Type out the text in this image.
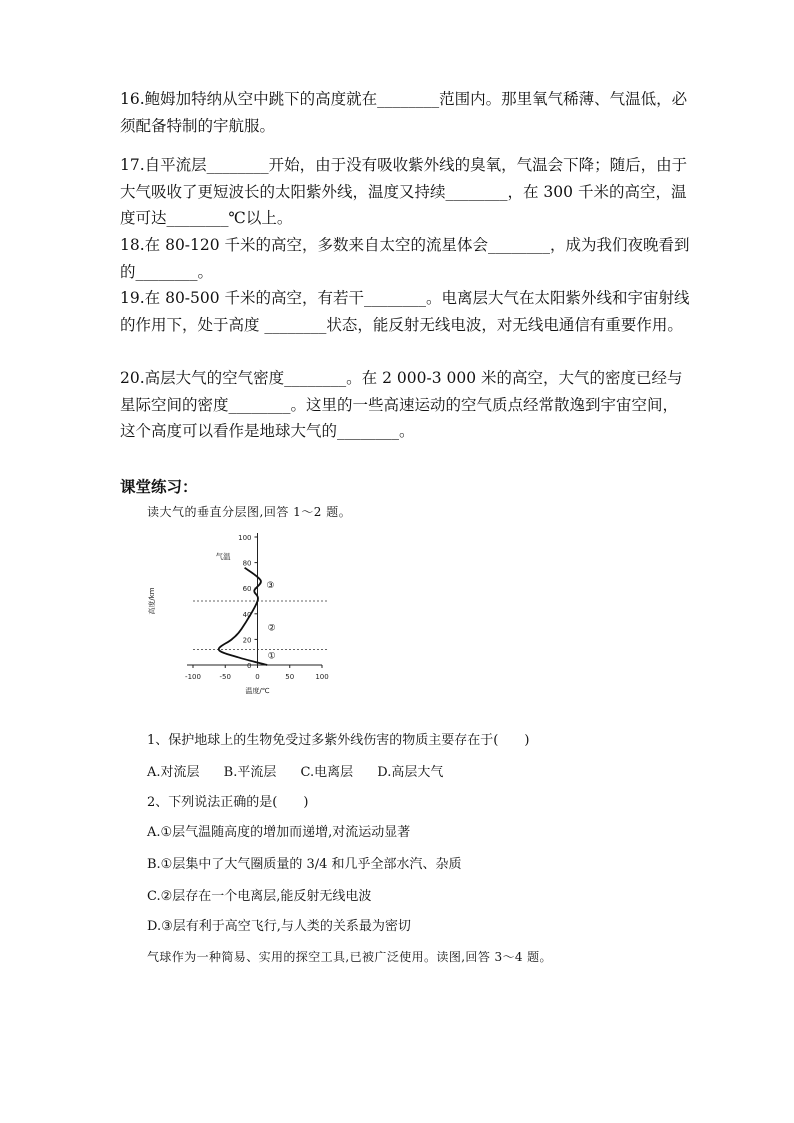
16.鲍姆加特纳从空中跳下的高度就在________范围内。那里氧气稀薄、气温低，必须配备特制的宇航服。

17.自平流层________开始，由于没有吸收紫外线的臭氧，气温会下降；随后，由于大气吸收了更短波长的太阳紫外线，温度又持续________，在 300 千米的高空，温度可达________℃以上。

18.在 80-120 千米的高空，多数来自太空的流星体会________，成为我们夜晚看到的________。

19.在 80-500 千米的高空，有若干________。电离层大气在太阳紫外线和宇宙射线的作用下，处于高度 ________状态，能反射无线电波，对无线电通信有重要作用。

20.高层大气的空气密度________。在 2 000-3 000 米的高空，大气的密度已经与星际空间的密度________。这里的一些高速运动的空气质点经常散逸到宇宙空间，这个高度可以看作是地球大气的________。

课堂练习：
读大气的垂直分层图,回答 1～2 题。
0
20
40
60
80
100
-100	-50	0	50	100
气温
③
②
①
温度/℃
高度/km
1、保护地球上的生物免受过多紫外线伤害的物质主要存在于(　　)
A.对流层 B.平流层 C.电离层 D.高层大气
2、下列说法正确的是(　　)
A.①层气温随高度的增加而递增,对流运动显著
B.①层集中了大气圈质量的 3/4 和几乎全部水汽、杂质
C.②层存在一个电离层,能反射无线电波
D.③层有利于高空飞行,与人类的关系最为密切
气球作为一种简易、实用的探空工具,已被广泛使用。读图,回答 3～4 题。
